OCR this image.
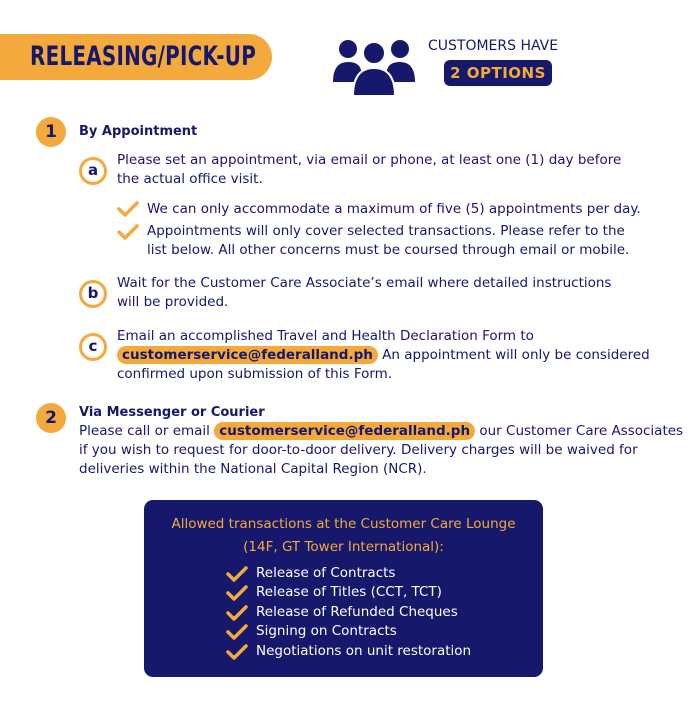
RELEASING/PICK-UP	CUSTOMERS HAVE
2 OPTIONS
1	By Appointment
a
Please set an appointment, via email or phone, at least one (1) day before
the actual office visit.
We can only accommodate a maximum of five (5) appointments per day.
Appointments will only cover selected transactions. Please refer to the
list below. All other concerns must be coursed through email or mobile.
b
Wait for the Customer Care Associate’s email where detailed instructions
will be provided.
c
Email an accomplished Travel and Health Declaration Form to
customerservice@federalland.ph An appointment will only be considered
confirmed upon submission of this Form.
2	Via Messenger or Courier
Please call or email customerservice@federalland.ph our Customer Care Associates
if you wish to request for door-to-door delivery. Delivery charges will be waived for
deliveries within the National Capital Region (NCR).
Allowed transactions at the Customer Care Lounge
(14F, GT Tower International):
Release of Contracts
Release of Titles (CCT, TCT)
Release of Refunded Cheques
Signing on Contracts
Negotiations on unit restoration
